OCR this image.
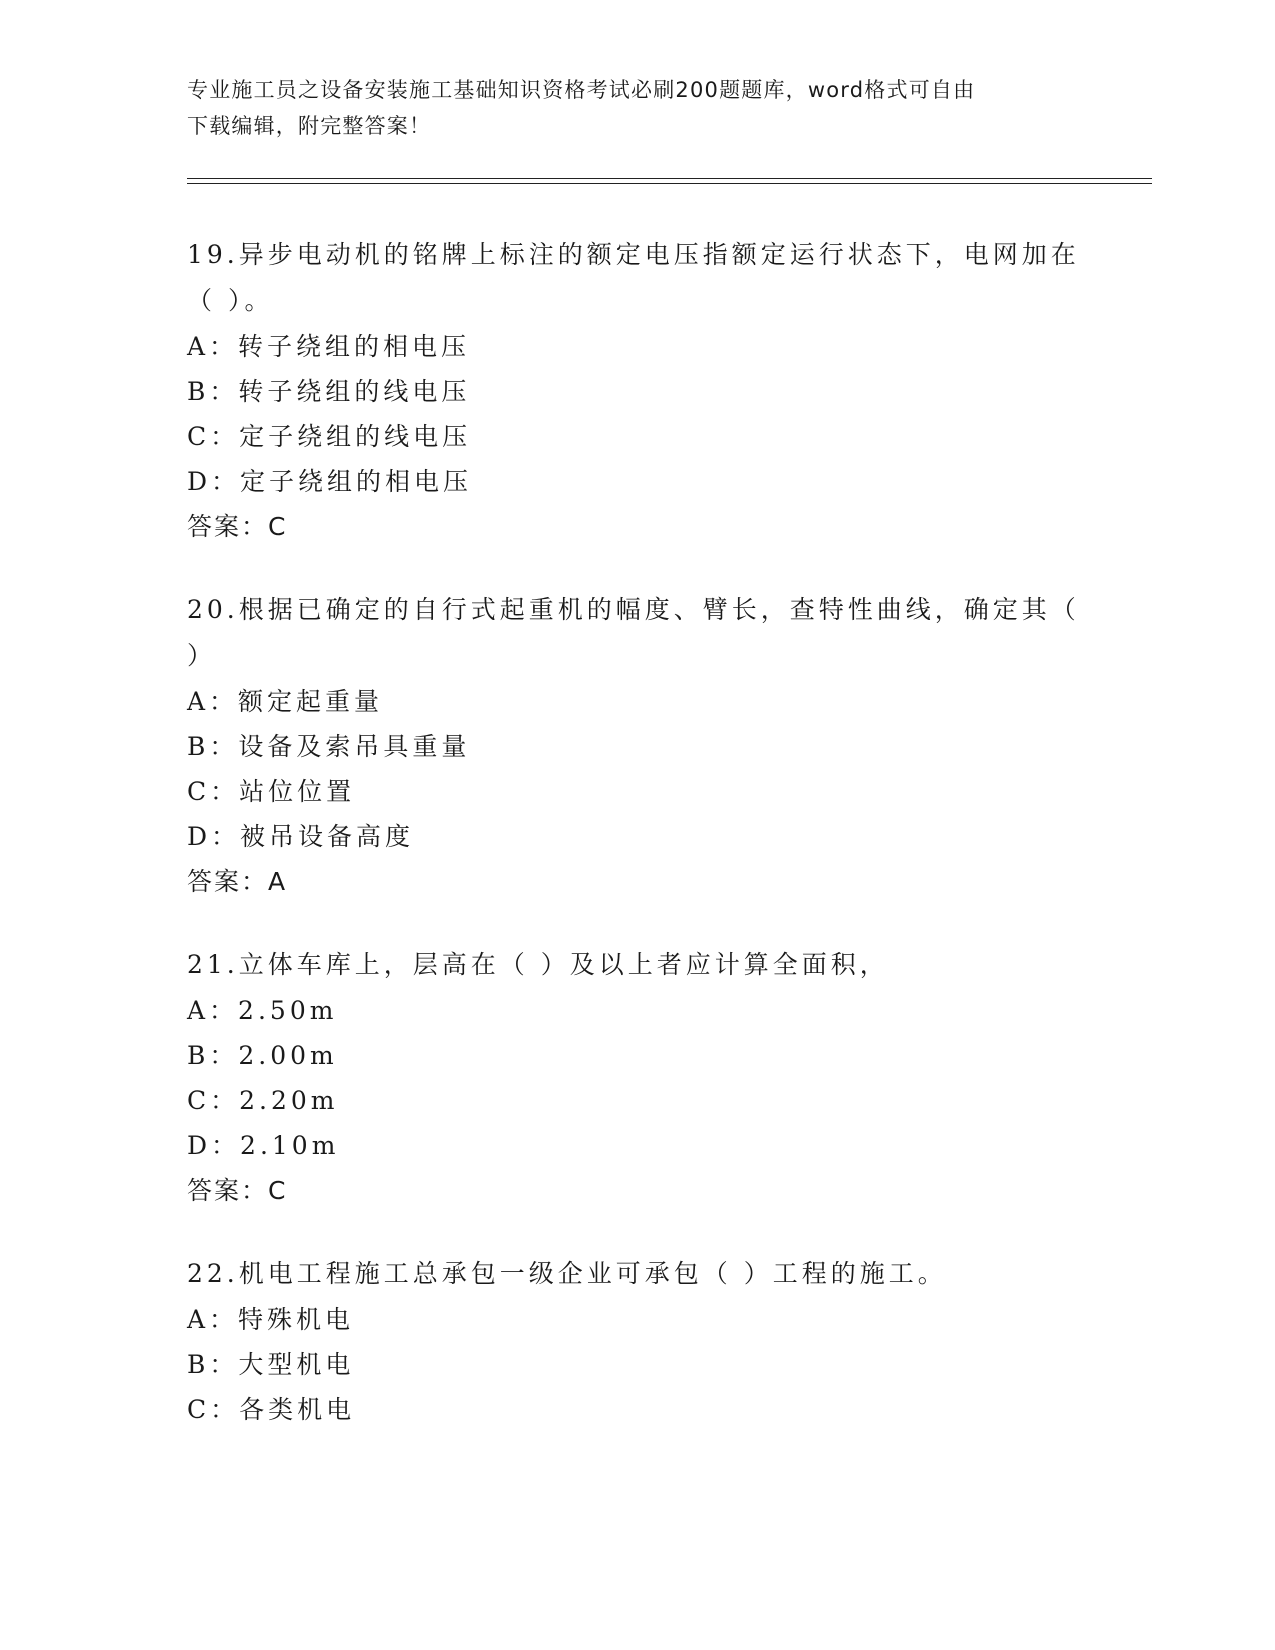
专业施工员之设备安装施工基础知识资格考试必刷200题题库，word格式可自由
下载编辑，附完整答案！
19.异步电动机的铭牌上标注的额定电压指额定运行状态下，电网加在（ ）。
A：转子绕组的相电压
B：转子绕组的线电压
C：定子绕组的线电压
D：定子绕组的相电压
答案：C
20.根据已确定的自行式起重机的幅度、臂长，查特性曲线，确定其（ ）
A：额定起重量
B：设备及索吊具重量
C：站位位置
D：被吊设备高度
答案：A
21.立体车库上，层高在（ ）及以上者应计算全面积，
A：2.50m
B：2.00m
C：2.20m
D：2.10m
答案：C
22.机电工程施工总承包一级企业可承包（ ）工程的施工。
A：特殊机电
B：大型机电
C：各类机电
